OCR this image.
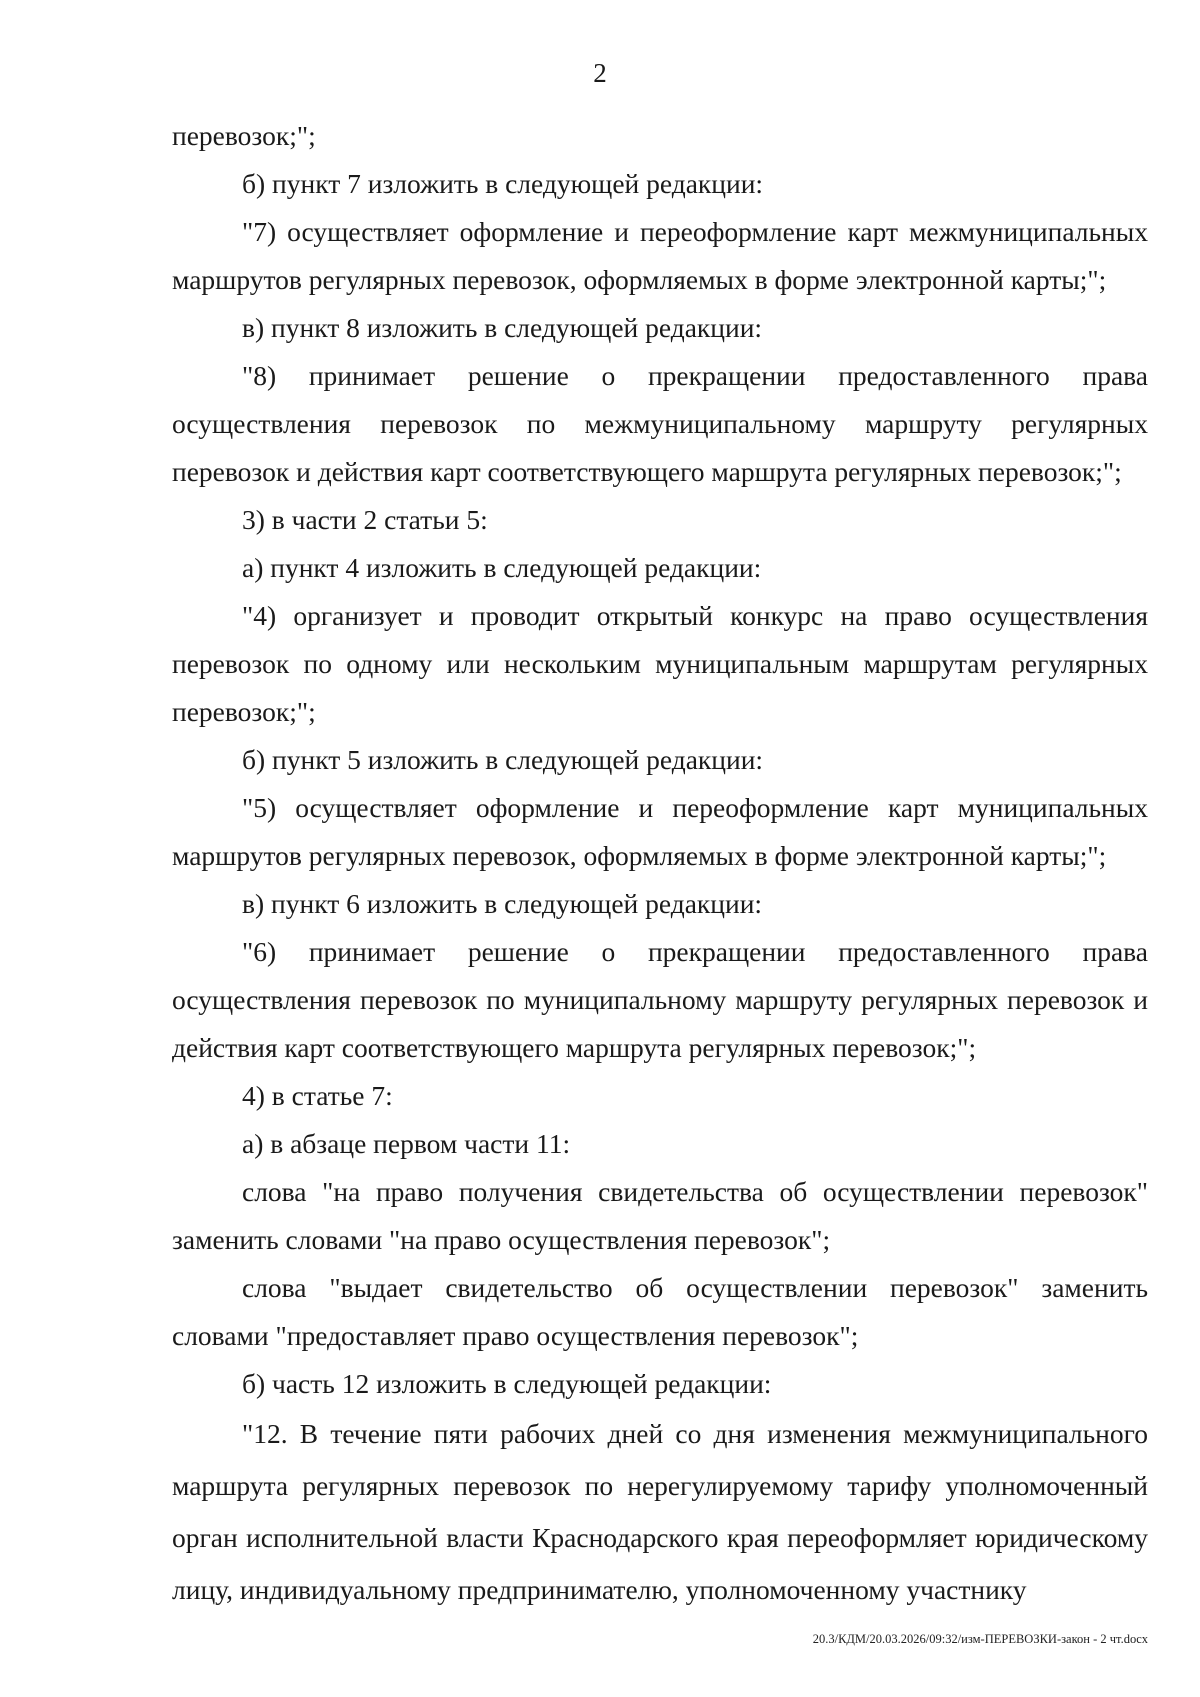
2

перевозок;";

б) пункт 7 изложить в следующей редакции:

"7) осуществляет оформление и переоформление карт межмуниципальных маршрутов регулярных перевозок, оформляемых в форме электронной карты;";

в) пункт 8 изложить в следующей редакции:

"8) принимает решение о прекращении предоставленного права осуществления перевозок по межмуниципальному маршруту регулярных перевозок и действия карт соответствующего маршрута регулярных перевозок;";

3) в части 2 статьи 5:

а) пункт 4 изложить в следующей редакции:

"4) организует и проводит открытый конкурс на право осуществления перевозок по одному или нескольким муниципальным маршрутам регулярных перевозок;";

б) пункт 5 изложить в следующей редакции:

"5) осуществляет оформление и переоформление карт муниципальных маршрутов регулярных перевозок, оформляемых в форме электронной карты;";

в) пункт 6 изложить в следующей редакции:

"6) принимает решение о прекращении предоставленного права осуществления перевозок по муниципальному маршруту регулярных перевозок и действия карт соответствующего маршрута регулярных перевозок;";

4) в статье 7:

а) в абзаце первом части 11:

слова "на право получения свидетельства об осуществлении перевозок" заменить словами "на право осуществления перевозок";

слова "выдает свидетельство об осуществлении перевозок" заменить словами "предоставляет право осуществления перевозок";

б) часть 12 изложить в следующей редакции:

"12. В течение пяти рабочих дней со дня изменения межмуниципального маршрута регулярных перевозок по нерегулируемому тарифу уполномоченный орган исполнительной власти Краснодарского края переоформляет юридическому лицу, индивидуальному предпринимателю, уполномоченному участнику

20.3/КДМ/20.03.2026/09:32/изм-ПЕРЕВОЗКИ-закон - 2 чт.docx
